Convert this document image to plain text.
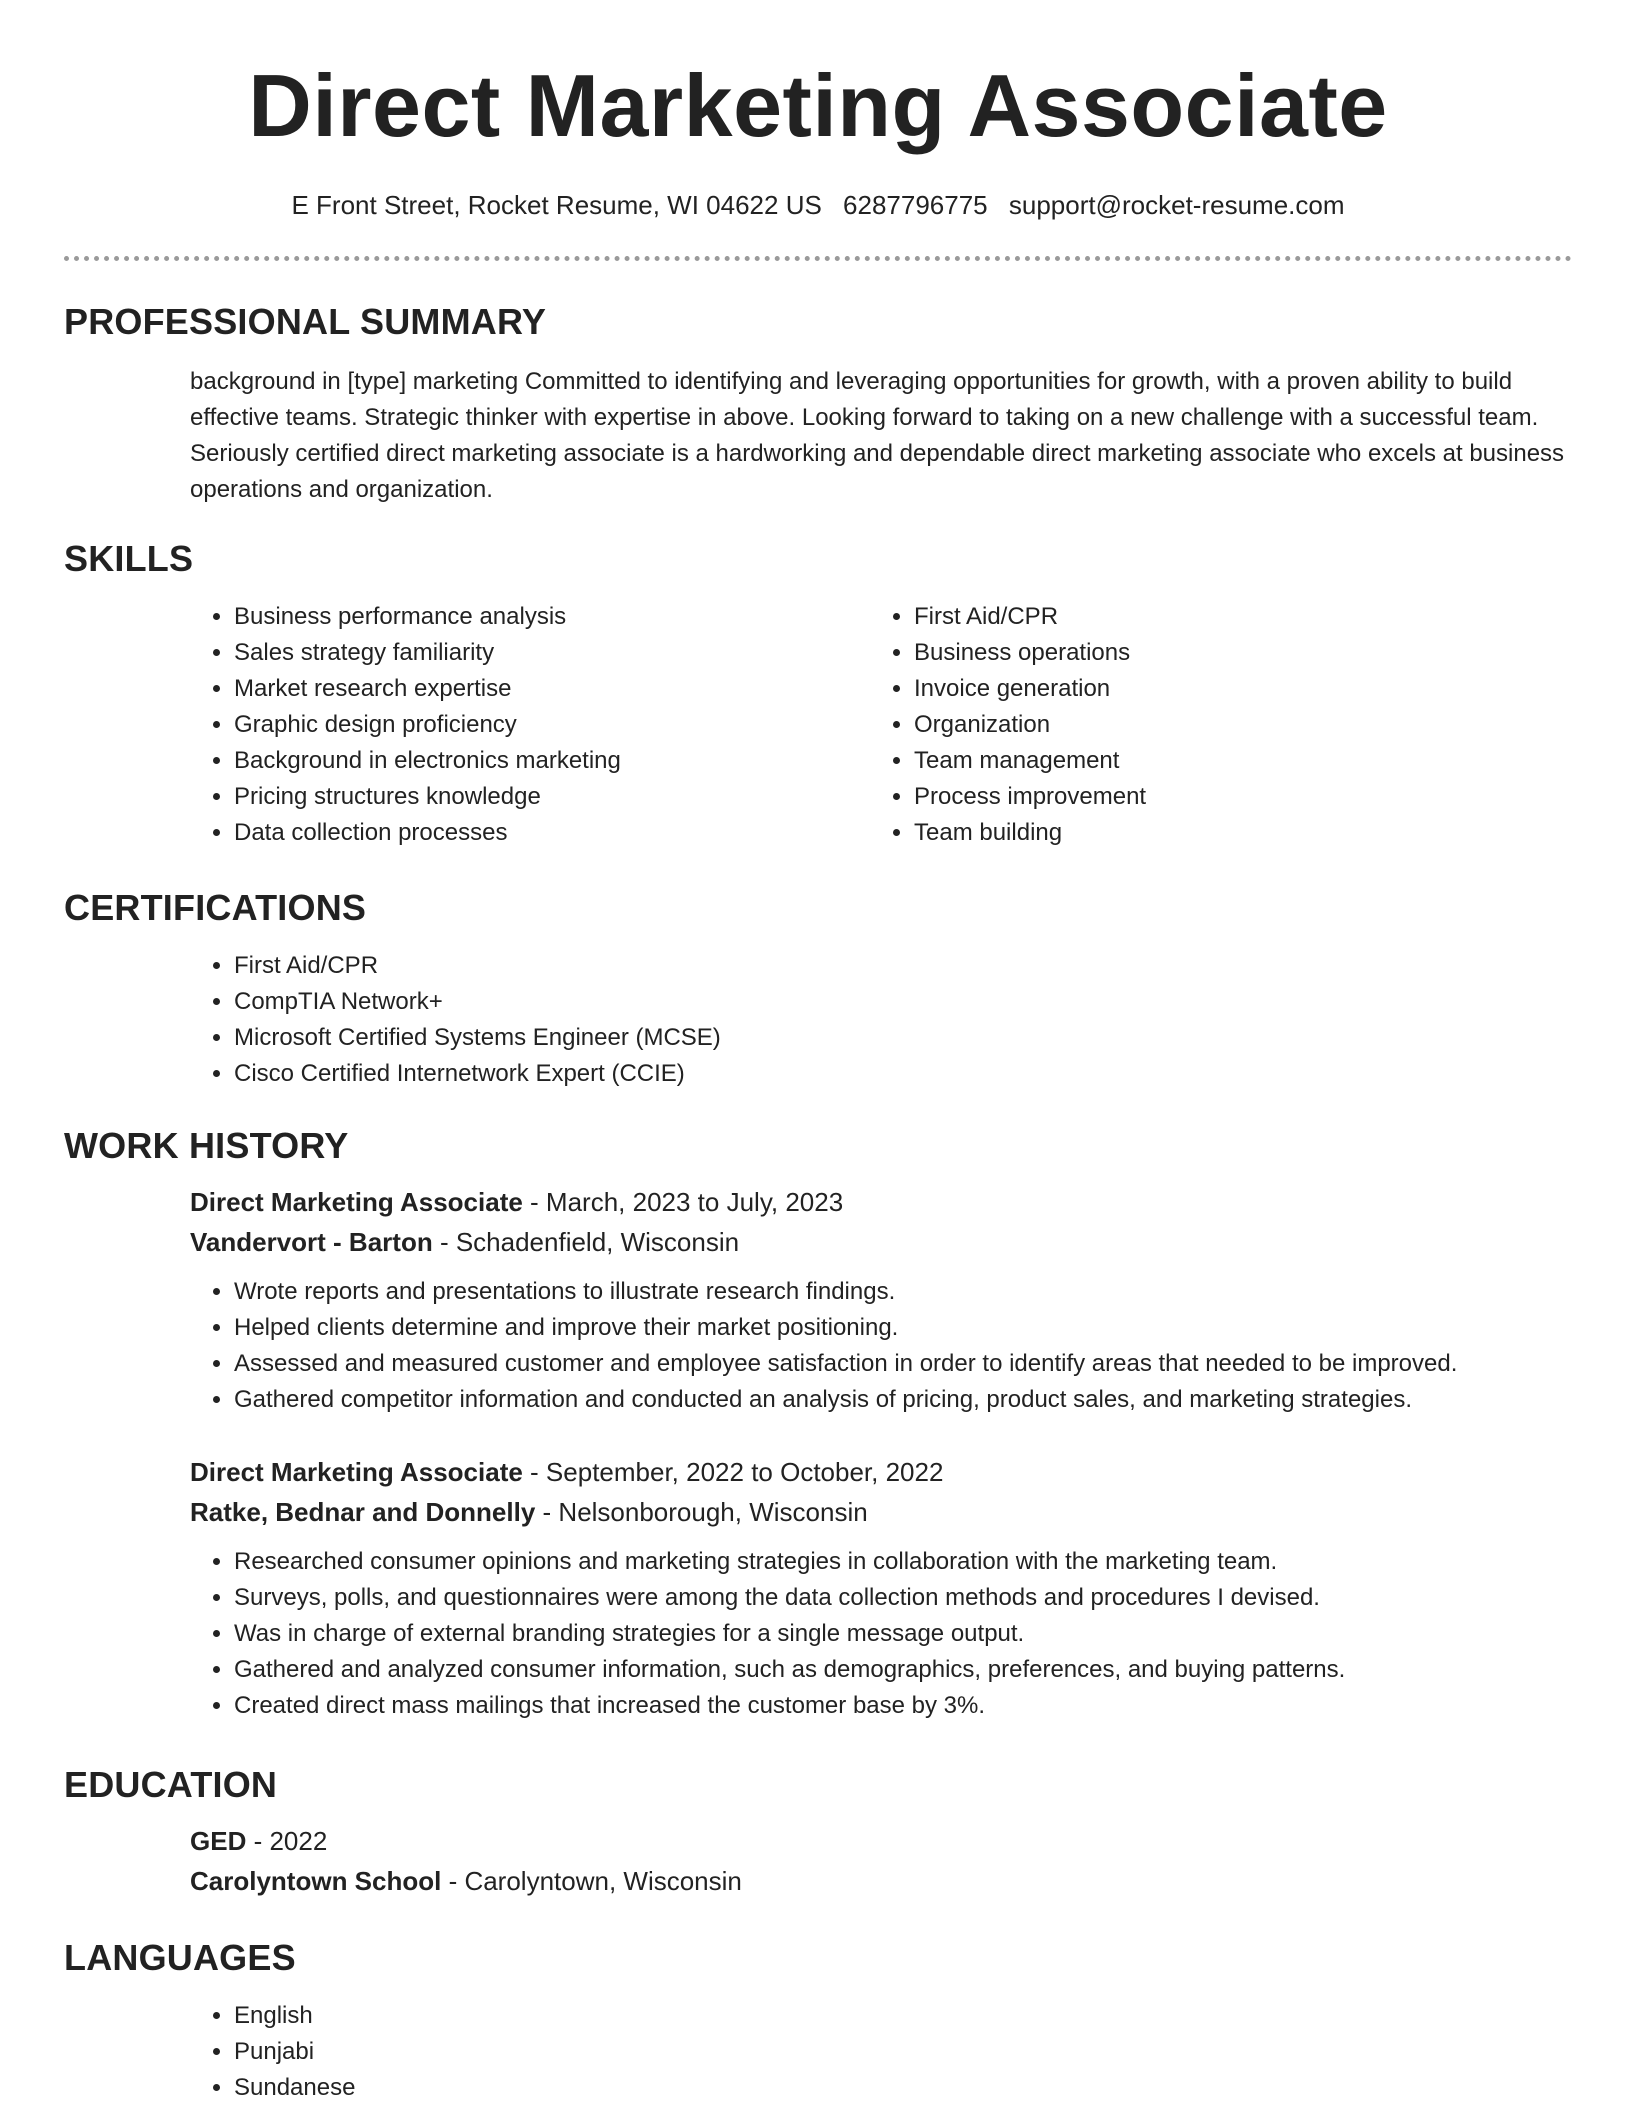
Direct Marketing Associate
E Front Street, Rocket Resume, WI 04622 US 6287796775 support@rocket-resume.com
PROFESSIONAL SUMMARY
background in [type] marketing Committed to identifying and leveraging opportunities for growth, with a proven ability to build effective teams. Strategic thinker with expertise in above. Looking forward to taking on a new challenge with a successful team. Seriously certified direct marketing associate is a hardworking and dependable direct marketing associate who excels at business operations and organization.
SKILLS
• Business performance analysis
• Sales strategy familiarity
• Market research expertise
• Graphic design proficiency
• Background in electronics marketing
• Pricing structures knowledge
• Data collection processes
• First Aid/CPR
• Business operations
• Invoice generation
• Organization
• Team management
• Process improvement
• Team building
CERTIFICATIONS
• First Aid/CPR
• CompTIA Network+
• Microsoft Certified Systems Engineer (MCSE)
• Cisco Certified Internetwork Expert (CCIE)
WORK HISTORY
Direct Marketing Associate - March, 2023 to July, 2023
Vandervort - Barton - Schadenfield, Wisconsin
• Wrote reports and presentations to illustrate research findings.
• Helped clients determine and improve their market positioning.
• Assessed and measured customer and employee satisfaction in order to identify areas that needed to be improved.
• Gathered competitor information and conducted an analysis of pricing, product sales, and marketing strategies.
Direct Marketing Associate - September, 2022 to October, 2022
Ratke, Bednar and Donnelly - Nelsonborough, Wisconsin
• Researched consumer opinions and marketing strategies in collaboration with the marketing team.
• Surveys, polls, and questionnaires were among the data collection methods and procedures I devised.
• Was in charge of external branding strategies for a single message output.
• Gathered and analyzed consumer information, such as demographics, preferences, and buying patterns.
• Created direct mass mailings that increased the customer base by 3%.
EDUCATION
GED - 2022
Carolyntown School - Carolyntown, Wisconsin
LANGUAGES
• English
• Punjabi
• Sundanese
